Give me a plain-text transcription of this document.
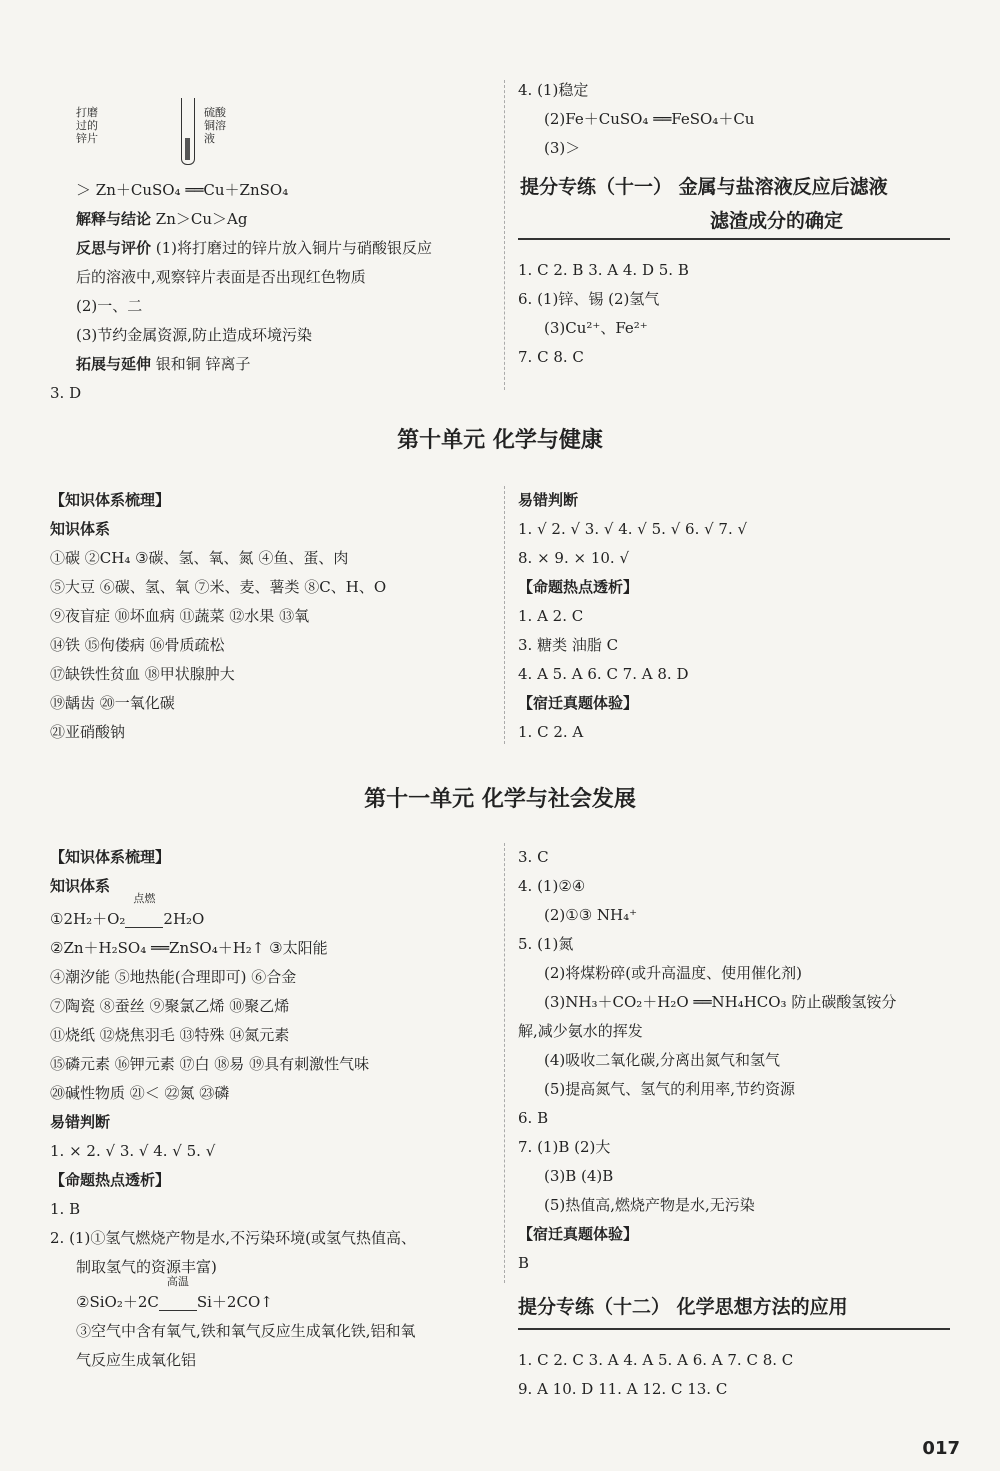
打磨
过的
锌片
硫酸
铜溶
液
＞ Zn＋CuSO₄ ══Cu＋ZnSO₄
解释与结论 Zn＞Cu＞Ag
反思与评价 (1)将打磨过的锌片放入铜片与硝酸银反应
后的溶液中,观察锌片表面是否出现红色物质
(2)一、二
(3)节约金属资源,防止造成环境污染
拓展与延伸 银和铜 锌离子
3. D
4. (1)稳定
(2)Fe＋CuSO₄ ══FeSO₄＋Cu
(3)＞
提分专练（十一） 金属与盐溶液反应后滤液
滤渣成分的确定
1. C 2. B 3. A 4. D 5. B
6. (1)锌、锡 (2)氢气
(3)Cu²⁺、Fe²⁺
7. C 8. C
第十单元 化学与健康
【知识体系梳理】
知识体系
①碳 ②CH₄ ③碳、氢、氧、氮 ④鱼、蛋、肉
⑤大豆 ⑥碳、氢、氧 ⑦米、麦、薯类 ⑧C、H、O
⑨夜盲症 ⑩坏血病 ⑪蔬菜 ⑫水果 ⑬氧
⑭铁 ⑮佝偻病 ⑯骨质疏松
⑰缺铁性贫血 ⑱甲状腺肿大
⑲龋齿 ⑳一氧化碳
㉑亚硝酸钠
易错判断
1. √ 2. √ 3. √ 4. √ 5. √ 6. √ 7. √
8. × 9. × 10. √
【命题热点透析】
1. A 2. C
3. 糖类 油脂 C
4. A 5. A 6. C 7. A 8. D
【宿迁真题体验】
1. C 2. A
第十一单元 化学与社会发展
【知识体系梳理】
知识体系
①2H₂＋O₂
点燃
  2H₂O
②Zn＋H₂SO₄ ══ZnSO₄＋H₂↑ ③太阳能
④潮汐能 ⑤地热能(合理即可) ⑥合金
⑦陶瓷 ⑧蚕丝 ⑨聚氯乙烯 ⑩聚乙烯
⑪烧纸 ⑫烧焦羽毛 ⑬特殊 ⑭氮元素
⑮磷元素 ⑯钾元素 ⑰白 ⑱易 ⑲具有刺激性气味
⑳碱性物质 ㉑＜ ㉒氮 ㉓磷
易错判断
1. × 2. √ 3. √ 4. √ 5. √
【命题热点透析】
1. B
2. (1)①氢气燃烧产物是水,不污染环境(或氢气热值高、
制取氢气的资源丰富)
②SiO₂＋2C
高温
  Si＋2CO↑
③空气中含有氧气,铁和氧气反应生成氧化铁,铝和氧
气反应生成氧化铝
3. C
4. (1)②④
(2)①③ NH₄⁺
5. (1)氮
(2)将煤粉碎(或升高温度、使用催化剂)
(3)NH₃＋CO₂＋H₂O ══NH₄HCO₃ 防止碳酸氢铵分
解,减少氨水的挥发
(4)吸收二氧化碳,分离出氮气和氢气
(5)提高氮气、氢气的利用率,节约资源
6. B
7. (1)B (2)大
(3)B (4)B
(5)热值高,燃烧产物是水,无污染
【宿迁真题体验】
B
提分专练（十二） 化学思想方法的应用
1. C 2. C 3. A 4. A 5. A 6. A 7. C 8. C
9. A 10. D 11. A 12. C 13. C
017
